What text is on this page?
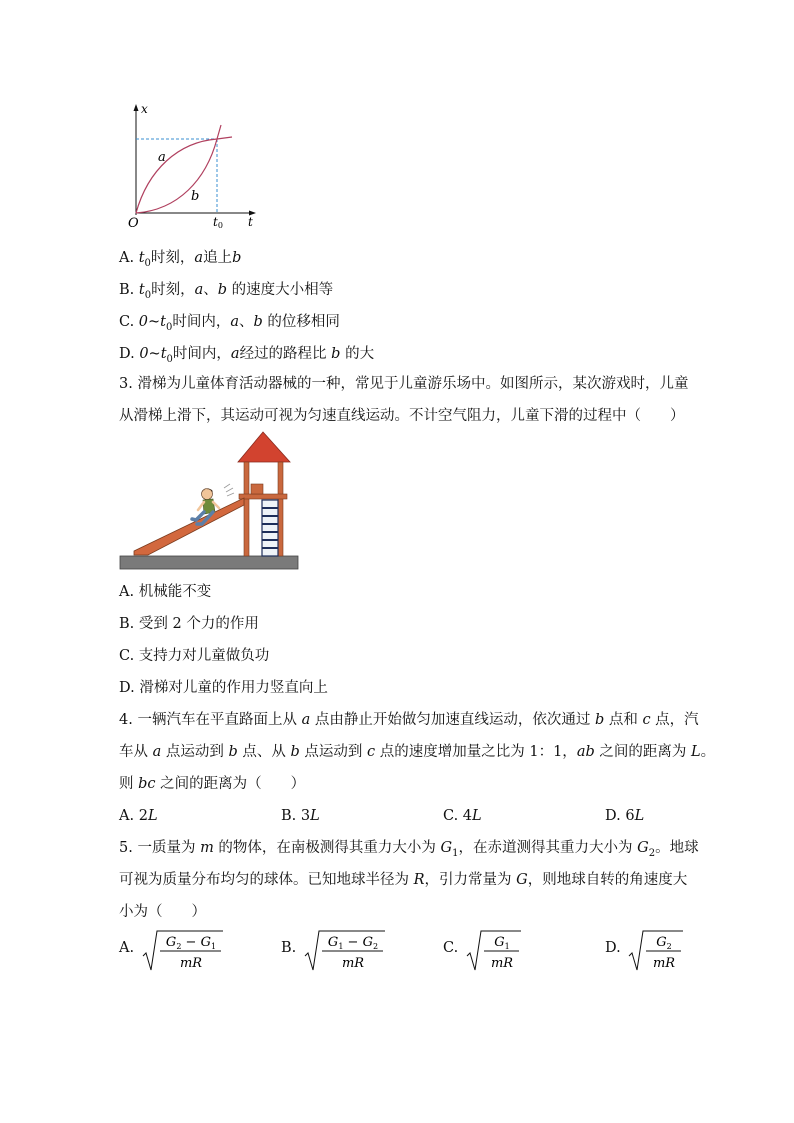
x
t
O
a
b
t0
A. $t_0$时刻，a追上b
B. $t_0$时刻，a、b 的速度大小相等
C. $0\sim t_0$时间内，a、b 的位移相同
D. $0\sim t_0$时间内，a经过的路程比 b 的大
3. 滑梯为儿童体育活动器械的一种，常见于儿童游乐场中。如图所示，某次游戏时，儿童
从滑梯上滑下，其运动可视为匀速直线运动。不计空气阻力，儿童下滑的过程中（　　）
A. 机械能不变
B. 受到 2 个力的作用
C. 支持力对儿童做负功
D. 滑梯对儿童的作用力竖直向上
4. 一辆汽车在平直路面上从 a 点由静止开始做匀加速直线运动，依次通过 b 点和 c 点，汽
车从 a 点运动到 b 点、从 b 点运动到 c 点的速度增加量之比为 1：1，ab 之间的距离为 L。
则 bc 之间的距离为（　　）
A. 2L	B. 3L	C. 4L	D. 6L
5. 一质量为 m 的物体，在南极测得其重力大小为 $G_1$，在赤道测得其重力大小为 $G_2$。地球
可视为质量分布均匀的球体。已知地球半径为 R，引力常量为 G，则地球自转的角速度大
小为（　　）
A. $G_2 - G_1$
mR
B. $G_1 - G_2$
mR
C.	$G_1$
mR
D.	$G_2$
mR
